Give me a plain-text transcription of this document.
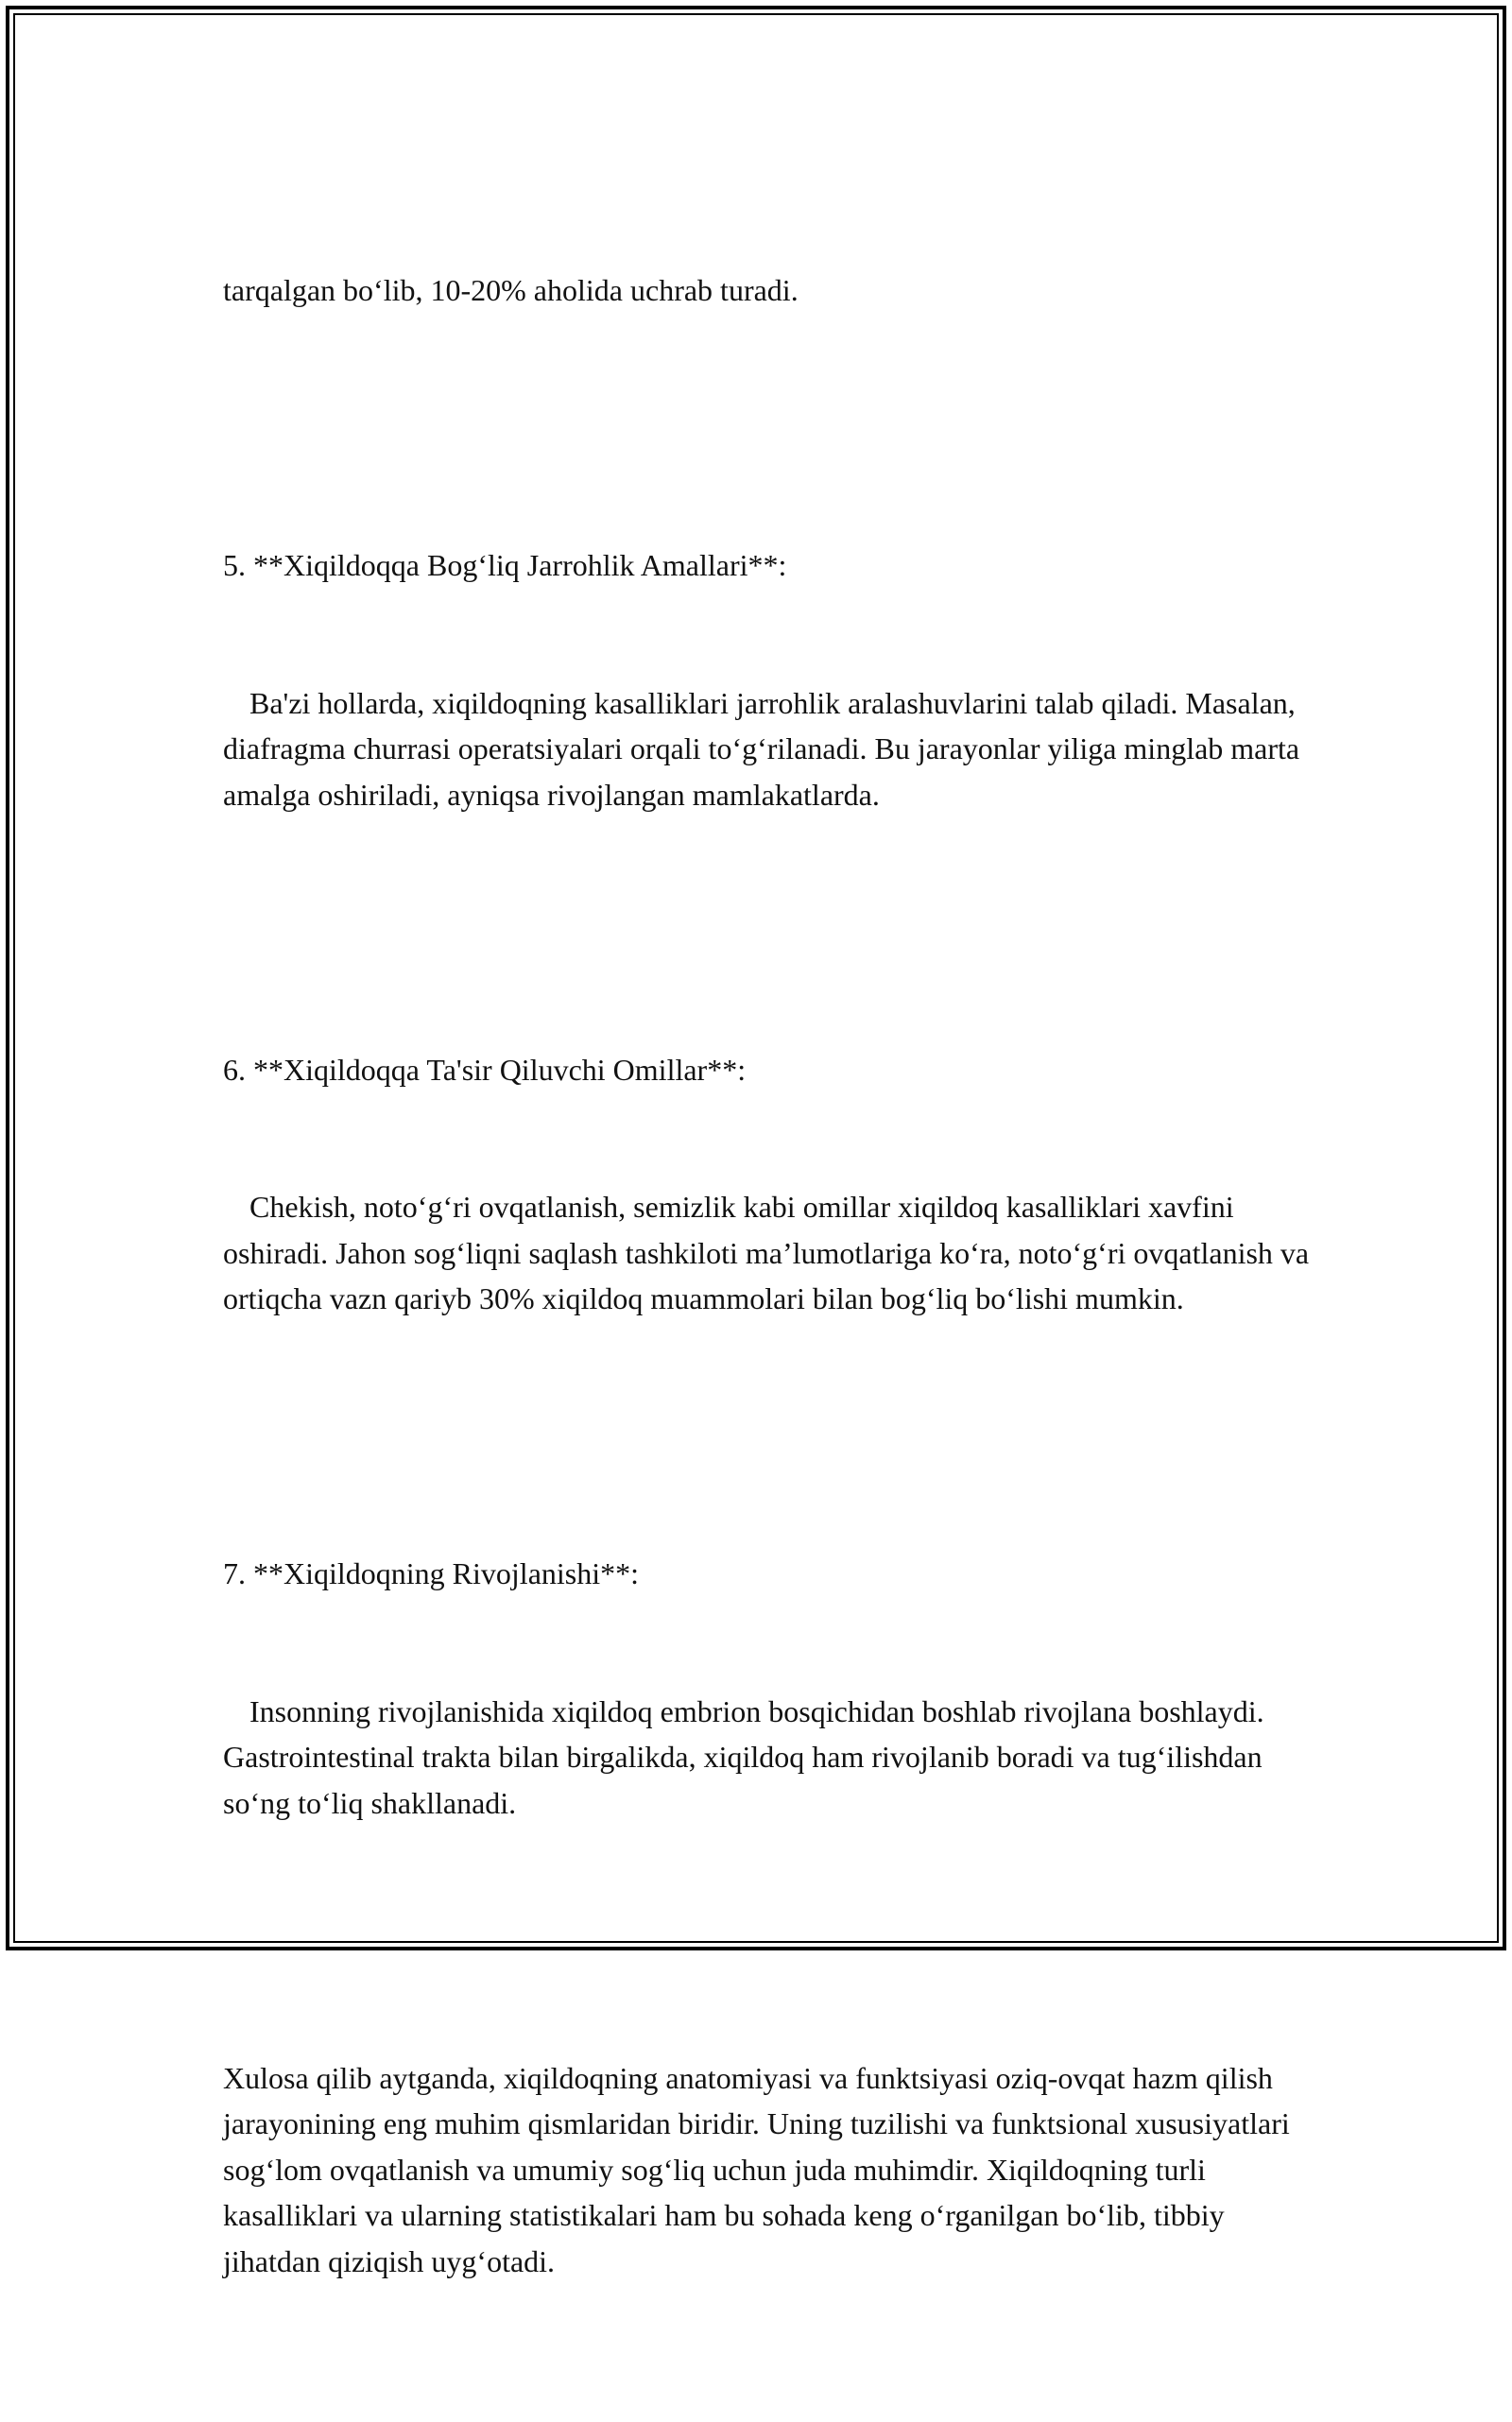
tarqalgan bo‘lib, 10-20% aholida uchrab turadi.

5. **Xiqildoqqa Bog‘liq Jarrohlik Amallari**:

Ba'zi hollarda, xiqildoqning kasalliklari jarrohlik aralashuvlarini talab qiladi. Masalan, diafragma churrasi operatsiyalari orqali to‘g‘rilanadi. Bu jarayonlar yiliga minglab marta amalga oshiriladi, ayniqsa rivojlangan mamlakatlarda.

6. **Xiqildoqqa Ta'sir Qiluvchi Omillar**:

Chekish, noto‘g‘ri ovqatlanish, semizlik kabi omillar xiqildoq kasalliklari xavfini oshiradi. Jahon sog‘liqni saqlash tashkiloti ma’lumotlariga ko‘ra, noto‘g‘ri ovqatlanish va ortiqcha vazn qariyb 30% xiqildoq muammolari bilan bog‘liq bo‘lishi mumkin.

7. **Xiqildoqning Rivojlanishi**:

Insonning rivojlanishida xiqildoq embrion bosqichidan boshlab rivojlana boshlaydi. Gastrointestinal trakta bilan birgalikda, xiqildoq ham rivojlanib boradi va tug‘ilishdan so‘ng to‘liq shakllanadi.

Xulosa qilib aytganda, xiqildoqning anatomiyasi va funktsiyasi oziq-ovqat hazm qilish jarayonining eng muhim qismlaridan biridir. Uning tuzilishi va funktsional xususiyatlari sog‘lom ovqatlanish va umumiy sog‘liq uchun juda muhimdir. Xiqildoqning turli kasalliklari va ularning statistikalari ham bu sohada keng o‘rganilgan bo‘lib, tibbiy jihatdan qiziqish uyg‘otadi.
